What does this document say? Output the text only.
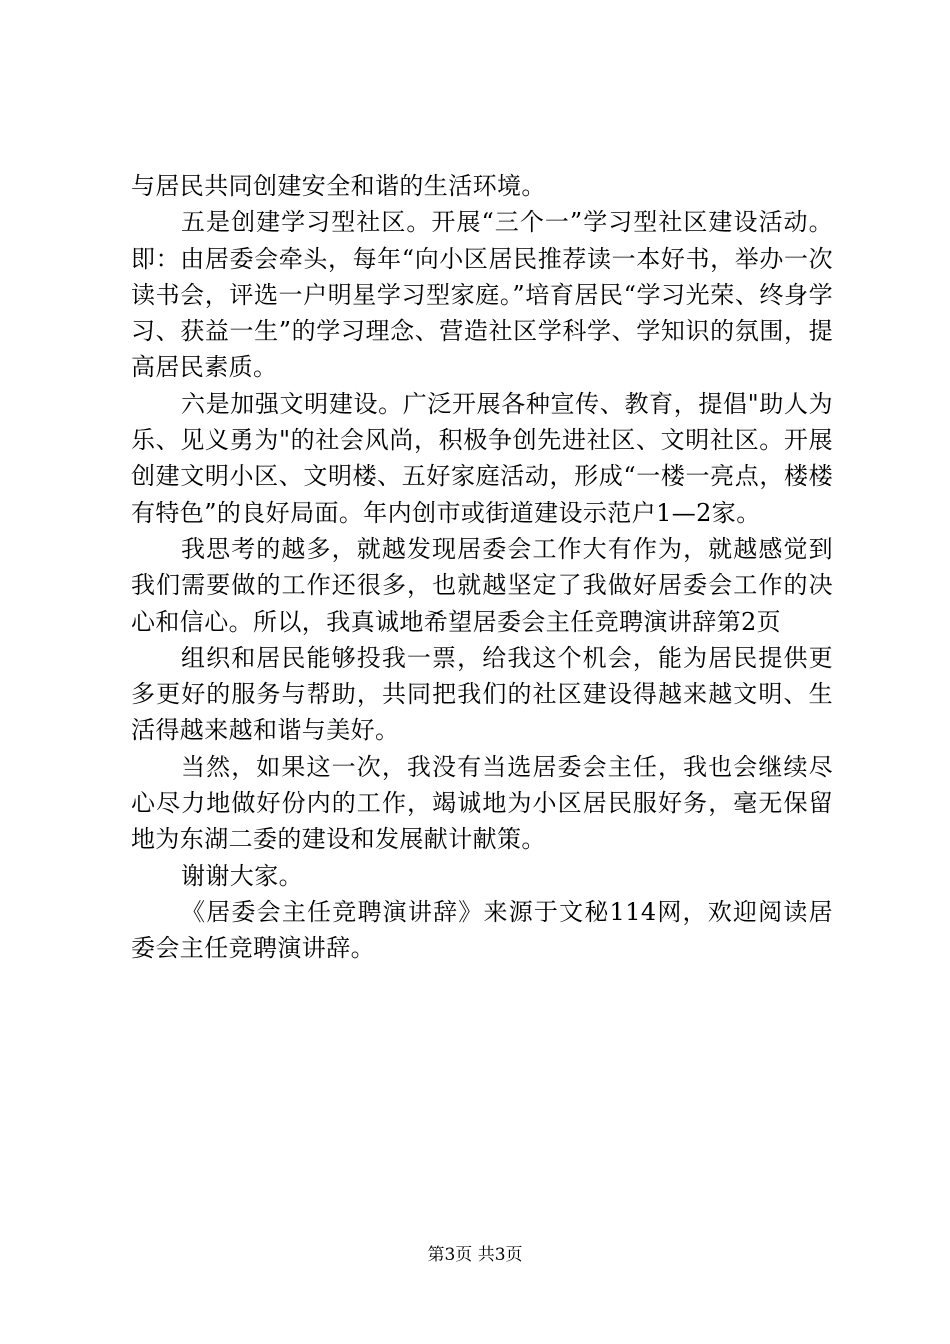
与居民共同创建安全和谐的生活环境。

五是创建学习型社区。开展“三个一”学习型社区建设活动。即：由居委会牵头，每年“向小区居民推荐读一本好书，举办一次读书会，评选一户明星学习型家庭。”培育居民“学习光荣、终身学习、获益一生”的学习理念、营造社区学科学、学知识的氛围，提高居民素质。

六是加强文明建设。广泛开展各种宣传、教育，提倡"助人为乐、见义勇为"的社会风尚，积极争创先进社区、文明社区。开展创建文明小区、文明楼、五好家庭活动，形成“一楼一亮点，楼楼有特色”的良好局面。年内创市或街道建设示范户1—2家。

我思考的越多，就越发现居委会工作大有作为，就越感觉到我们需要做的工作还很多，也就越坚定了我做好居委会工作的决心和信心。所以，我真诚地希望居委会主任竞聘演讲辞第2页

组织和居民能够投我一票，给我这个机会，能为居民提供更多更好的服务与帮助，共同把我们的社区建设得越来越文明、生活得越来越和谐与美好。

当然，如果这一次，我没有当选居委会主任，我也会继续尽心尽力地做好份内的工作，竭诚地为小区居民服好务，毫无保留地为东湖二委的建设和发展献计献策。

谢谢大家。

《居委会主任竞聘演讲辞》来源于文秘114网，欢迎阅读居委会主任竞聘演讲辞。

第3页 共3页
